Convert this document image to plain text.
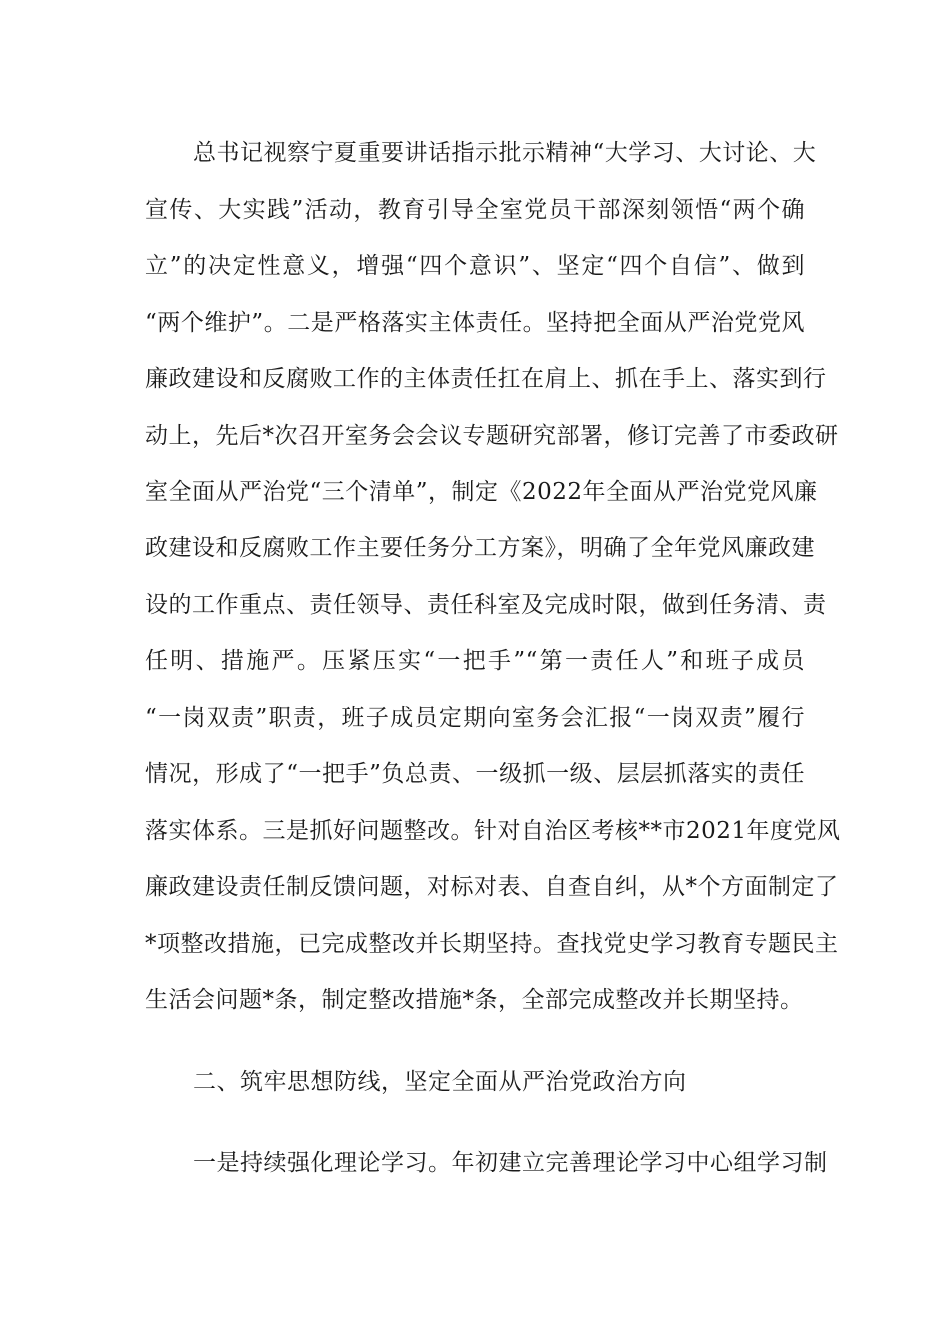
总书记视察宁夏重要讲话指示批示精神“大学习、大讨论、大
宣传、大实践”活动，教育引导全室党员干部深刻领悟“两个确
立”的决定性意义，增强“四个意识”、坚定“四个自信”、做到
“两个维护”。二是严格落实主体责任。坚持把全面从严治党党风
廉政建设和反腐败工作的主体责任扛在肩上、抓在手上、落实到行
动上，先后*次召开室务会会议专题研究部署，修订完善了市委政研
室全面从严治党“三个清单”，制定《2022年全面从严治党党风廉
政建设和反腐败工作主要任务分工方案》，明确了全年党风廉政建
设的工作重点、责任领导、责任科室及完成时限，做到任务清、责
任明、措施严。压紧压实“一把手”“第一责任人”和班子成员
“一岗双责”职责，班子成员定期向室务会汇报“一岗双责”履行
情况，形成了“一把手”负总责、一级抓一级、层层抓落实的责任
落实体系。三是抓好问题整改。针对自治区考核**市2021年度党风
廉政建设责任制反馈问题，对标对表、自查自纠，从*个方面制定了
*项整改措施，已完成整改并长期坚持。查找党史学习教育专题民主
生活会问题*条，制定整改措施*条，全部完成整改并长期坚持。
二、筑牢思想防线，坚定全面从严治党政治方向
一是持续强化理论学习。年初建立完善理论学习中心组学习制
